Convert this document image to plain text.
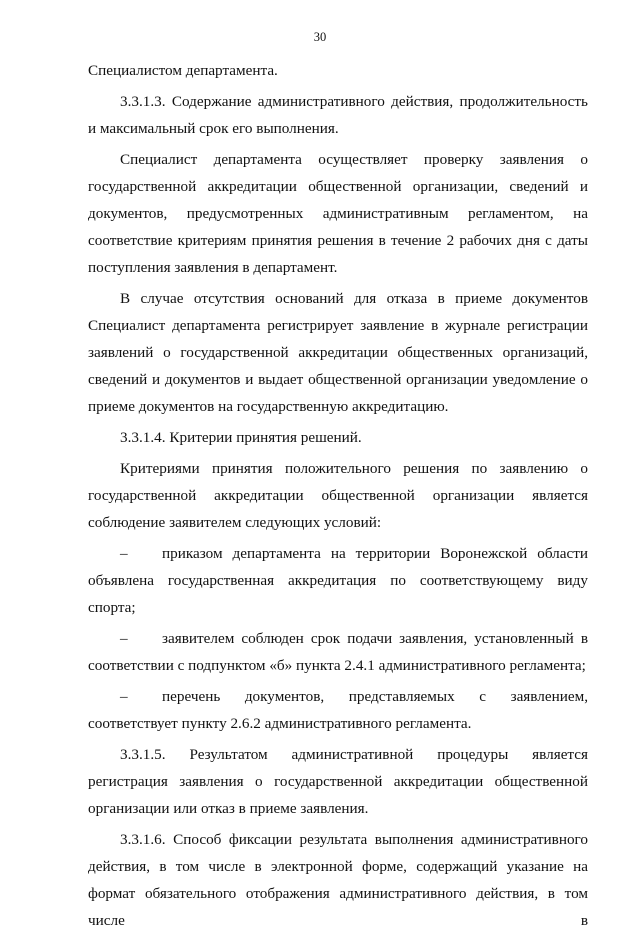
30

Специалистом департамента.

3.3.1.3. Содержание административного действия, продолжительность и максимальный срок его выполнения.

Специалист департамента осуществляет проверку заявления о государственной аккредитации общественной организации, сведений и документов, предусмотренных административным регламентом, на соответствие критериям принятия решения в течение 2 рабочих дня с даты поступления заявления в департамент.

В случае отсутствия оснований для отказа в приеме документов Специалист департамента регистрирует заявление в журнале регистрации заявлений о государственной аккредитации общественных организаций, сведений и документов и выдает общественной организации уведомление о приеме документов на государственную аккредитацию.

3.3.1.4. Критерии принятия решений.

Критериями принятия положительного решения по заявлению о государственной аккредитации общественной организации является соблюдение заявителем следующих условий:

– приказом департамента на территории Воронежской области объявлена государственная аккредитация по соответствующему виду спорта;

– заявителем соблюден срок подачи заявления, установленный в соответствии с подпунктом «б» пункта 2.4.1 административного регламента;

– перечень документов, представляемых с заявлением, соответствует пункту 2.6.2 административного регламента.

3.3.1.5. Результатом административной процедуры является регистрация заявления о государственной аккредитации общественной организации или отказ в приеме заявления.

3.3.1.6. Способ фиксации результата выполнения административного действия, в том числе в электронной форме, содержащий указание на формат обязательного отображения административного действия, в том числе в
